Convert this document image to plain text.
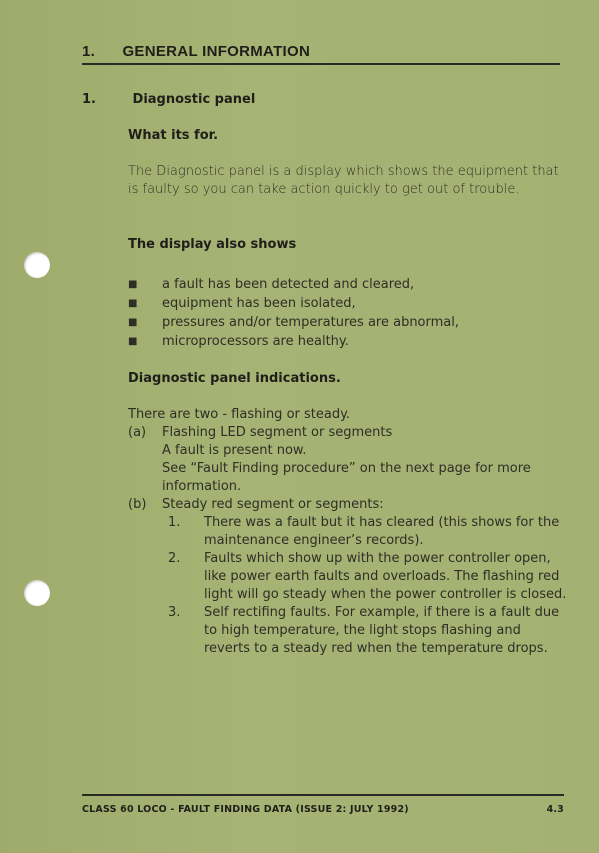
1. GENERAL INFORMATION
1.	Diagnostic panel
What its for.
The Diagnostic panel is a display which shows the equipment that is faulty so you can take action quickly to get out of trouble.
The display also shows
■ a fault has been detected and cleared,
■ equipment has been isolated,
■ pressures and/or temperatures are abnormal,
■ microprocessors are healthy.
Diagnostic panel indications.
There are two - flashing or steady.
(a)	Flashing LED segment or segments
A fault is present now.
See “Fault Finding procedure” on the next page for more information.
(b)	Steady red segment or segments:
1.	There was a fault but it has cleared (this shows for the maintenance engineer’s records).
2.	Faults which show up with the power controller open, like power earth faults and overloads. The flashing red light will go steady when the power controller is closed.
3.	Self rectifing faults. For example, if there is a fault due to high temperature, the light stops flashing and reverts to a steady red when the temperature drops.
CLASS 60 LOCO - FAULT FINDING DATA (ISSUE 2: JULY 1992)	4.3
